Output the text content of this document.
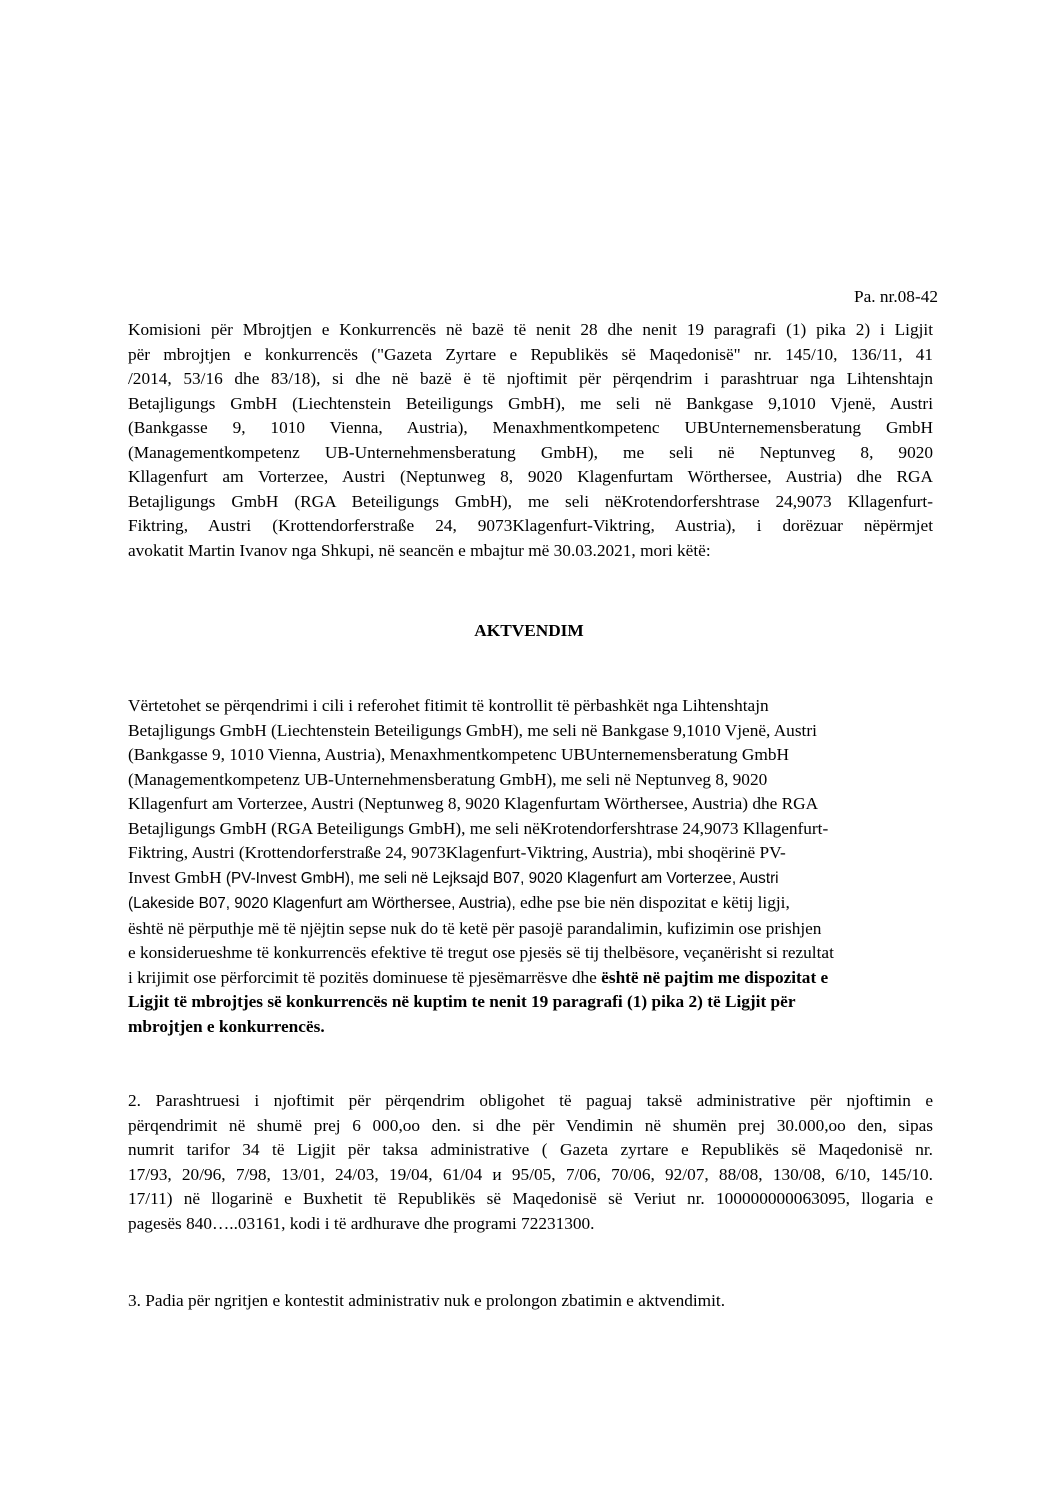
Pa. nr.08-42
Komisioni për Mbrojtjen e Konkurrencës në bazë të nenit 28 dhe nenit 19 paragrafi (1) pika 2) i Ligjit
për mbrojtjen e konkurrencës ("Gazeta Zyrtare e Republikës së Maqedonisë" nr. 145/10, 136/11, 41
/2014, 53/16 dhe 83/18), si dhe në bazë ë të njoftimit për përqendrim i parashtruar nga Lihtenshtajn
Betajligungs GmbH (Liechtenstein Beteiligungs GmbH), me seli në Bankgase 9,1010 Vjenë, Austri
(Bankgasse 9, 1010 Vienna, Austria), Menaxhmentkompetenc UBUnternemensberatung GmbH
(Managementkompetenz UB-Unternehmensberatung GmbH), me seli në Neptunveg 8, 9020
Kllagenfurt am Vorterzee, Austri (Neptunweg 8, 9020 Klagenfurtam Wörthersee, Austria) dhe RGA
Betajligungs GmbH (RGA Beteiligungs GmbH), me seli nëKrotendorfershtrase 24,9073 Kllagenfurt-
Fiktring, Austri (Krottendorferstraße 24, 9073Klagenfurt-Viktring, Austria), i dorëzuar nëpërmjet
avokatit Martin Ivanov nga Shkupi, në seancën e mbajtur më 30.03.2021, mori këtë:
AKTVENDIM
Vërtetohet se përqendrimi i cili i referohet fitimit të kontrollit të përbashkët nga Lihtenshtajn
Betajligungs GmbH (Liechtenstein Beteiligungs GmbH), me seli në Bankgase 9,1010 Vjenë, Austri
(Bankgasse 9, 1010 Vienna, Austria), Menaxhmentkompetenc UBUnternemensberatung GmbH
(Managementkompetenz UB-Unternehmensberatung GmbH), me seli në Neptunveg 8, 9020
Kllagenfurt am Vorterzee, Austri (Neptunweg 8, 9020 Klagenfurtam Wörthersee, Austria) dhe RGA
Betajligungs GmbH (RGA Beteiligungs GmbH), me seli nëKrotendorfershtrase 24,9073 Kllagenfurt-
Fiktring, Austri (Krottendorferstraße 24, 9073Klagenfurt-Viktring, Austria), mbi shoqërinë PV-
Invest GmbH (PV-Invest GmbH), me seli në Lejksajd B07, 9020 Klagenfurt am Vorterzee, Austri
(Lakeside B07, 9020 Klagenfurt am Wörthersee, Austria), edhe pse bie nën dispozitat e këtij ligji,
është në përputhje më të njëjtin sepse nuk do të ketë për pasojë parandalimin, kufizimin ose prishjen
e konsiderueshme të konkurrencës efektive të tregut ose pjesës së tij thelbësore, veçanërisht si rezultat
i krijimit ose përforcimit të pozitës dominuese të pjesëmarrësve dhe është në pajtim me dispozitat e
Ligjit të mbrojtjes së konkurrencës në kuptim te nenit 19 paragrafi (1) pika 2) të Ligjit për
mbrojtjen e konkurrencës.
2. Parashtruesi i njoftimit për përqendrim obligohet të paguaj taksë administrative për njoftimin e
përqendrimit në shumë prej 6 000,oo den. si dhe për Vendimin në shumën prej 30.000,oo den, sipas
numrit tarifor 34 të Ligjit për taksa administrative ( Gazeta zyrtare e Republikës së Maqedonisë nr.
17/93, 20/96, 7/98, 13/01, 24/03, 19/04, 61/04 и 95/05, 7/06, 70/06, 92/07, 88/08, 130/08, 6/10, 145/10.
17/11) në llogarinë e Buxhetit të Republikës së Maqedonisë së Veriut nr. 100000000063095, llogaria e
pagesës 840…..03161, kodi i të ardhurave dhe programi 72231300.
3. Padia për ngritjen e kontestit administrativ nuk e prolongon zbatimin e aktvendimit.
